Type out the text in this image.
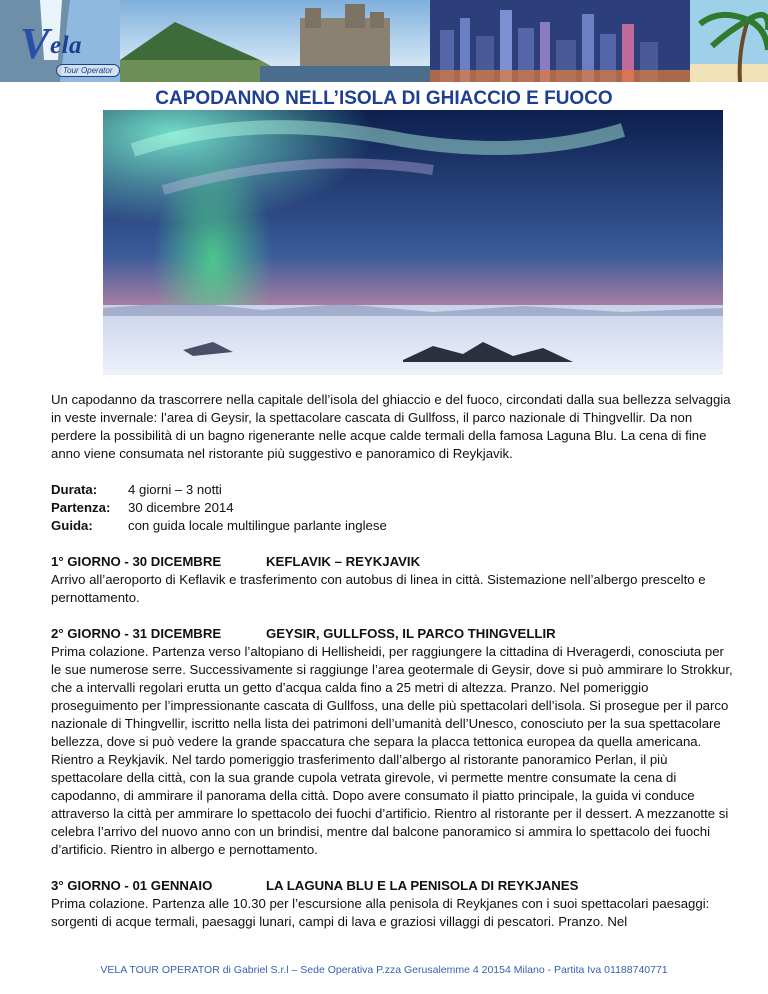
V ela
Tour Operator
CAPODANNO NELL’ISOLA DI GHIACCIO E FUOCO

Un capodanno da trascorrere nella capitale dell’isola del ghiaccio e del fuoco, circondati dalla sua bellezza selvaggia in veste invernale: l’area di Geysir, la spettacolare cascata di Gullfoss, il parco nazionale di Thingvellir. Da non perdere la possibilità di un bagno rigenerante nelle acque calde termali della famosa Laguna Blu. La cena di fine anno viene consumata nel ristorante più suggestivo e panoramico di Reykjavik.

Durata:	4 giorni – 3 notti
Partenza:	30 dicembre 2014
Guida:	con guida locale multilingue parlante inglese
1° GIORNO - 30 DICEMBRE	KEFLAVIK – REYKJAVIK

Arrivo all’aeroporto di Keflavik e trasferimento con autobus di linea in città. Sistemazione nell’albergo prescelto e pernottamento.

2° GIORNO - 31 DICEMBRE	GEYSIR, GULLFOSS, IL PARCO THINGVELLIR

Prima colazione. Partenza verso l’altopiano di Hellisheidi, per raggiungere la cittadina di Hveragerdi, conosciuta per le sue numerose serre. Successivamente si raggiunge l’area geotermale di Geysir, dove si può ammirare lo Strokkur, che a intervalli regolari erutta un getto d’acqua calda fino a 25 metri di altezza. Pranzo. Nel pomeriggio proseguimento per l’impressionante cascata di Gullfoss, una delle più spettacolari dell’isola. Si prosegue per il parco nazionale di Thingvellir, iscritto nella lista dei patrimoni dell’umanità dell’Unesco, conosciuto per la sua spettacolare bellezza, dove si può vedere la grande spaccatura che separa la placca tettonica europea da quella americana. Rientro a Reykjavik. Nel tardo pomeriggio trasferimento dall’albergo al ristorante panoramico Perlan, il più spettacolare della città, con la sua grande cupola vetrata girevole, vi permette mentre consumate la cena di capodanno, di ammirare il panorama della città. Dopo avere consumato il piatto principale, la guida vi conduce attraverso la città per ammirare lo spettacolo dei fuochi d’artificio. Rientro al ristorante per il dessert. A mezzanotte si celebra l’arrivo del nuovo anno con un brindisi, mentre dal balcone panoramico si ammira lo spettacolo dei fuochi d’artificio. Rientro in albergo e pernottamento.

3° GIORNO - 01 GENNAIO	LA LAGUNA BLU E LA PENISOLA DI REYKJANES

Prima colazione. Partenza alle 10.30 per l’escursione alla penisola di Reykjanes con i suoi spettacolari paesaggi: sorgenti di acque termali, paesaggi lunari, campi di lava e graziosi villaggi di pescatori. Pranzo. Nel

VELA TOUR OPERATOR di Gabriel S.r.l – Sede Operativa P.zza Gerusalemme 4 20154 Milano - Partita Iva 01188740771
